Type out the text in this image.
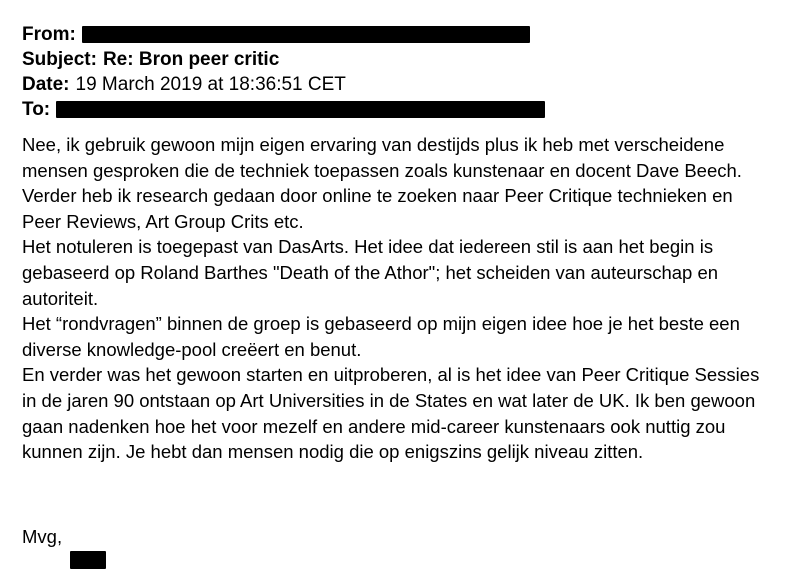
From:
Subject: Re: Bron peer critic
Date: 19 March 2019 at 18:36:51 CET
To:

Nee, ik gebruik gewoon mijn eigen ervaring van destijds plus ik heb met verscheidene mensen gesproken die de techniek toepassen zoals kunstenaar en docent Dave Beech. Verder heb ik research gedaan door online te zoeken naar Peer Critique technieken en Peer Reviews, Art Group Crits etc.

Het notuleren is toegepast van DasArts. Het idee dat iedereen stil is aan het begin is gebaseerd op Roland Barthes "Death of the Athor"; het scheiden van auteurschap en autoriteit.

Het “rondvragen” binnen de groep is gebaseerd op mijn eigen idee hoe je het beste een diverse knowledge-pool creëert en benut.

En verder was het gewoon starten en uitproberen, al is het idee van Peer Critique Sessies in de jaren 90 ontstaan op Art Universities in de States en wat later de UK. Ik ben gewoon gaan nadenken hoe het voor mezelf en andere mid-career kunstenaars ook nuttig zou kunnen zijn. Je hebt dan mensen nodig die op enigszins gelijk niveau zitten.

Mvg,
